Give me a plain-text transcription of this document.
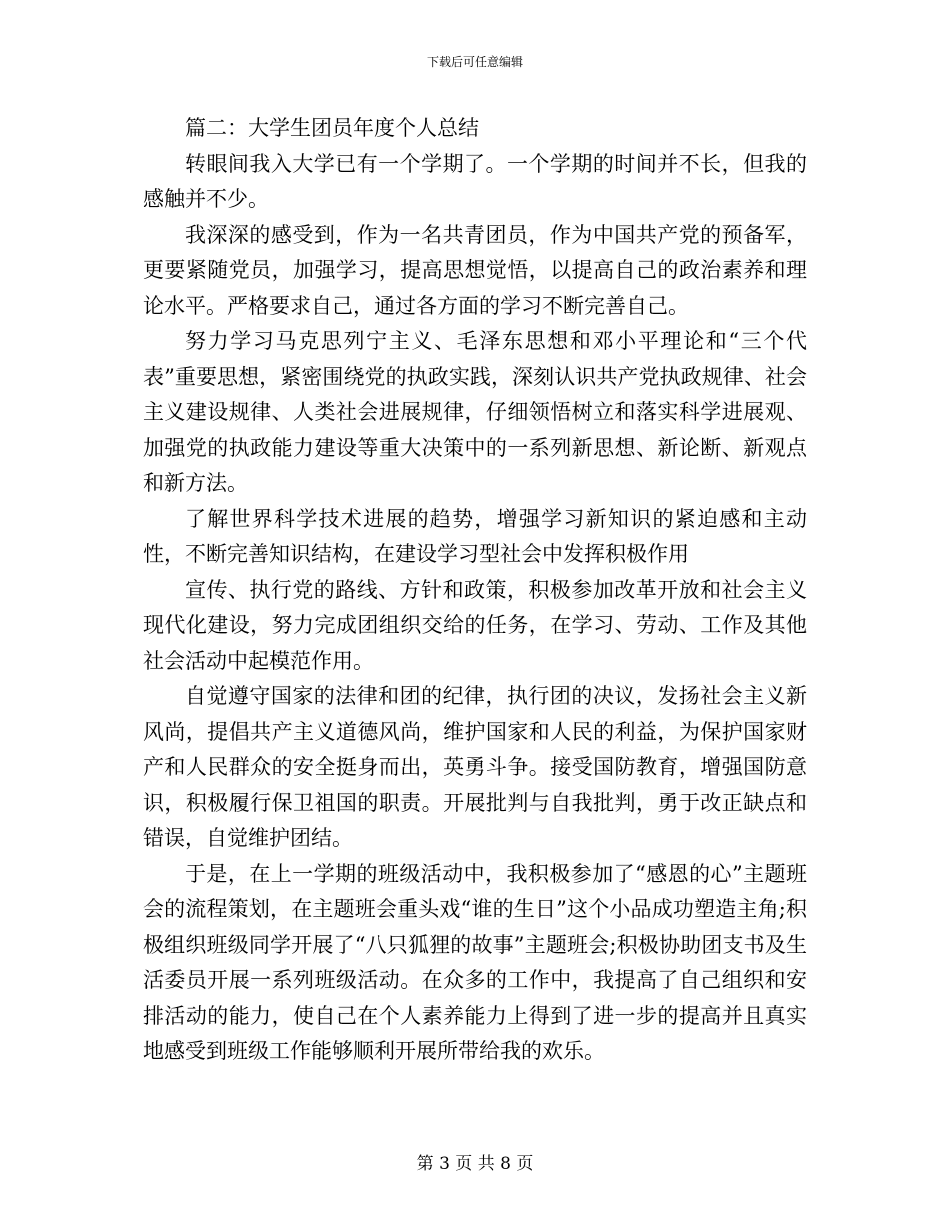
下载后可任意编辑

篇二：大学生团员年度个人总结

转眼间我入大学已有一个学期了。一个学期的时间并不长，但我的感触并不少。

我深深的感受到，作为一名共青团员，作为中国共产党的预备军，更要紧随党员，加强学习，提高思想觉悟，以提高自己的政治素养和理论水平。严格要求自己，通过各方面的学习不断完善自己。

努力学习马克思列宁主义、毛泽东思想和邓小平理论和“三个代表”重要思想，紧密围绕党的执政实践，深刻认识共产党执政规律、社会主义建设规律、人类社会进展规律，仔细领悟树立和落实科学进展观、加强党的执政能力建设等重大决策中的一系列新思想、新论断、新观点和新方法。

了解世界科学技术进展的趋势，增强学习新知识的紧迫感和主动性，不断完善知识结构，在建设学习型社会中发挥积极作用

宣传、执行党的路线、方针和政策，积极参加改革开放和社会主义现代化建设，努力完成团组织交给的任务，在学习、劳动、工作及其他社会活动中起模范作用。

自觉遵守国家的法律和团的纪律，执行团的决议，发扬社会主义新风尚，提倡共产主义道德风尚，维护国家和人民的利益，为保护国家财产和人民群众的安全挺身而出，英勇斗争。接受国防教育，增强国防意识，积极履行保卫祖国的职责。开展批判与自我批判，勇于改正缺点和错误，自觉维护团结。

于是，在上一学期的班级活动中，我积极参加了“感恩的心”主题班会的流程策划，在主题班会重头戏“谁的生日”这个小品成功塑造主角;积极组织班级同学开展了“八只狐狸的故事”主题班会;积极协助团支书及生活委员开展一系列班级活动。在众多的工作中，我提高了自己组织和安排活动的能力，使自己在个人素养能力上得到了进一步的提高并且真实地感受到班级工作能够顺利开展所带给我的欢乐。

第 3 页 共 8 页
